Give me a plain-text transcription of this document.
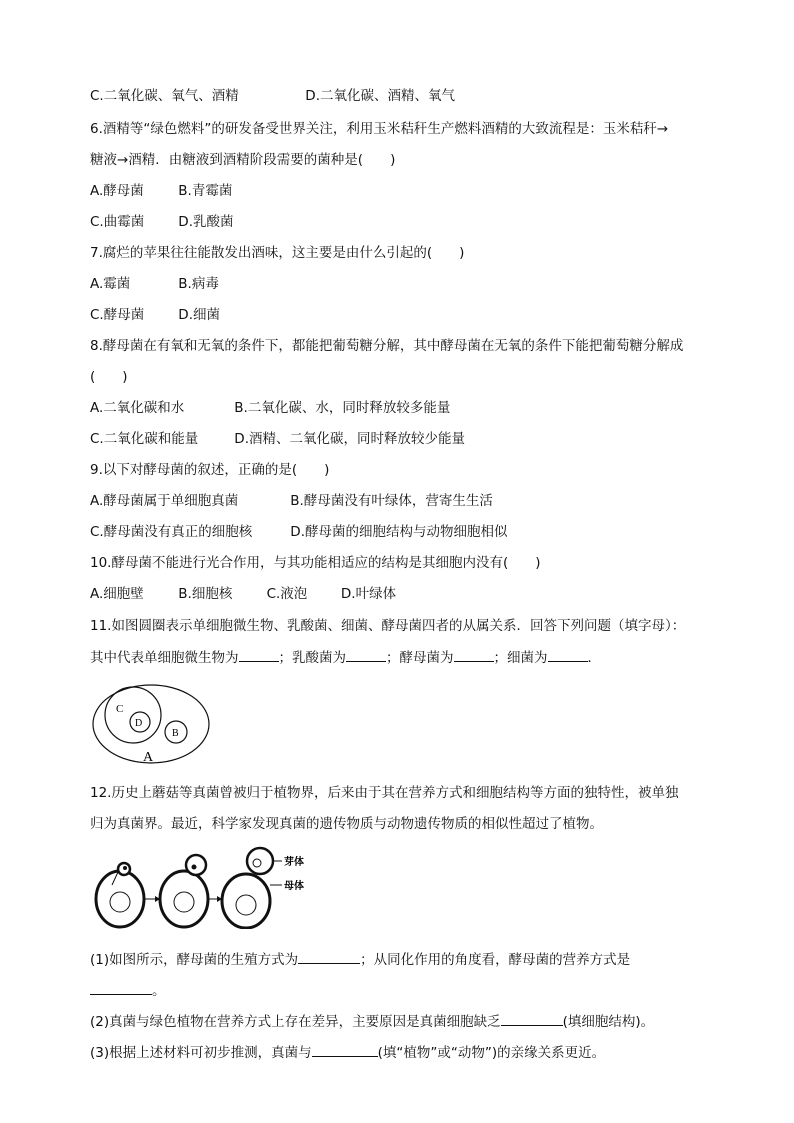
C.二氧化碳、氧气、酒精	D.二氧化碳、酒精、氧气
6.酒精等“绿色燃料”的研发备受世界关注，利用玉米秸秆生产燃料酒精的大致流程是：玉米秸秆→
糖液→酒精．由糖液到酒精阶段需要的菌种是(　　)
A.酵母菌	B.青霉菌
C.曲霉菌	D.乳酸菌
7.腐烂的苹果往往能散发出酒味，这主要是由什么引起的(　　)
A.霉菌	B.病毒
C.酵母菌	D.细菌
8.酵母菌在有氧和无氧的条件下，都能把葡萄糖分解，其中酵母菌在无氧的条件下能把葡萄糖分解成
(　　)
A.二氧化碳和水	B.二氧化碳、水，同时释放较多能量
C.二氧化碳和能量	D.酒精、二氧化碳，同时释放较少能量
9.以下对酵母菌的叙述，正确的是(　　)
A.酵母菌属于单细胞真菌	B.酵母菌没有叶绿体，营寄生生活
C.酵母菌没有真正的细胞核	D.酵母菌的细胞结构与动物细胞相似
10.酵母菌不能进行光合作用，与其功能相适应的结构是其细胞内没有(　　)
A.细胞壁	B.细胞核	C.液泡 D.叶绿体
11.如图圆圈表示单细胞微生物、乳酸菌、细菌、酵母菌四者的从属关系．回答下列问题（填字母）：
其中代表单细胞微生物为	；乳酸菌为	；酵母菌为	；细菌为	．
C
D
B
A
12.历史上蘑菇等真菌曾被归于植物界，后来由于其在营养方式和细胞结构等方面的独特性，被单独
归为真菌界。最近，科学家发现真菌的遗传物质与动物遗传物质的相似性超过了植物。
芽体
母体
(1)如图所示，酵母菌的生殖方式为	；从同化作用的角度看，酵母菌的营养方式是
。
(2)真菌与绿色植物在营养方式上存在差异，主要原因是真菌细胞缺乏	(填细胞结构)。
(3)根据上述材料可初步推测，真菌与	(填“植物”或“动物”)的亲缘关系更近。
